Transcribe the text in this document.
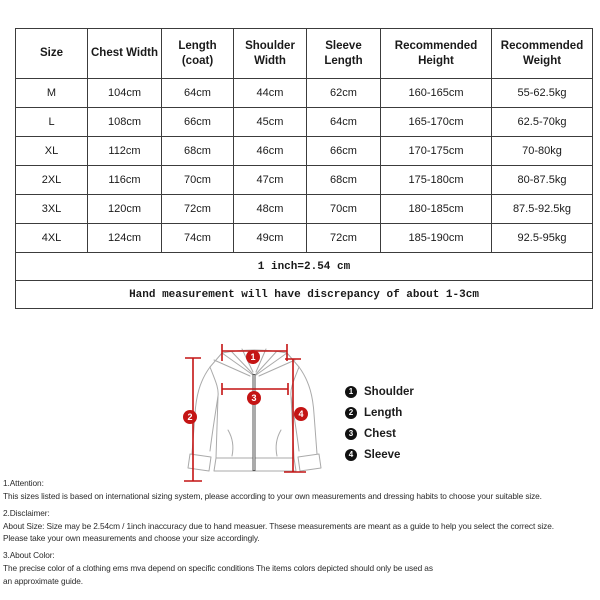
Size	Chest Width	Length (coat)	Shoulder Width	Sleeve Length	Recommended Height	Recommended Weight
M	104cm	64cm	44cm	62cm	160-165cm	55-62.5kg
L	108cm	66cm	45cm	64cm	165-170cm	62.5-70kg
XL	112cm	68cm	46cm	66cm	170-175cm	70-80kg
2XL	116cm	70cm	47cm	68cm	175-180cm	80-87.5kg
3XL	120cm	72cm	48cm	70cm	180-185cm	87.5-92.5kg
4XL	124cm	74cm	49cm	72cm	185-190cm	92.5-95kg
1 inch=2.54 cm						
Hand measurement will have discrepancy of about 1-3cm						
1
2
3
4
1 Shoulder
2 Length
3 Chest
4 Sleeve
1.Attention:
This sizes listed is based on international sizing system, please according to your own measurements and dressing habits to choose your suitable size.
2.Disclaimer:
About Size: Size may be 2.54cm / 1inch inaccuracy due to hand measuer. Thsese measurements are meant as a guide to help you select the correct size.
Please take your own measurements and choose your size accordingly.
3.About Color:
The precise color of a clothing ems mva depend on specific conditions The items colors depicted should only be used as
an approximate guide.
